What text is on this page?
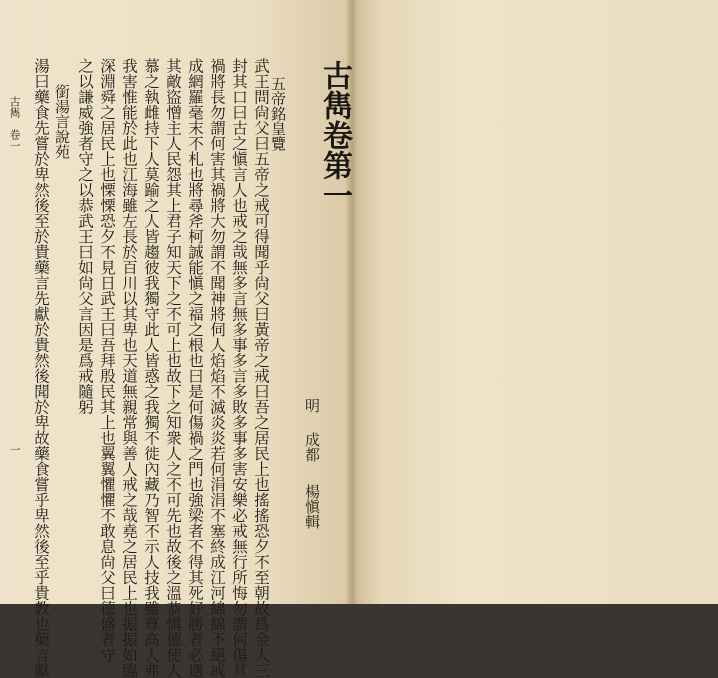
古雋卷第一
明
成都
楊愼輯
五帝銘皇覽
武王問尙父曰五帝之戒可得聞乎尙父曰黃帝之戒曰吾之居民上也搖搖恐夕不至朝故爲金人三
封其口曰古之愼言人也戒之哉無多言無多事多言多敗多事多害安樂必戒無行所悔勿謂何傷其
禍將長勿謂何害其禍將大勿謂不聞神將伺人焰焰不滅炎炎若何涓涓不塞終成江河綿綿不絕或
成網羅毫末不札也將尋斧柯誠能愼之福之根也曰是何傷禍之門也強梁者不得其死好勝者必遇
其敵盜憎主人民怨其上君子知天下之不可上也故下之知衆人之不可先也故後之溫恭愼德使人
慕之執雌持下人莫踰之人皆趨彼我獨守此人皆惑之我獨不徙內藏乃智不示人技我雖尊高人弗
我害惟能於此也江海雖左長於百川以其卑也天道無親常與善人戒之哉堯之居民上也振振如臨
深淵舜之居民上也慄慄恐夕不見日武王曰吾拜殷民其上也翼翼懼懼不敢息尙父曰德盛者守
之以謙威強者守之以恭武王曰如尙父言因是爲戒隨躬
銜湯言說苑
湯曰藥食先嘗於卑然後至於貴藥言先獻於貴然後聞於卑故藥食嘗乎卑然後至乎貴教也藥言獻
古雋　卷一
一
